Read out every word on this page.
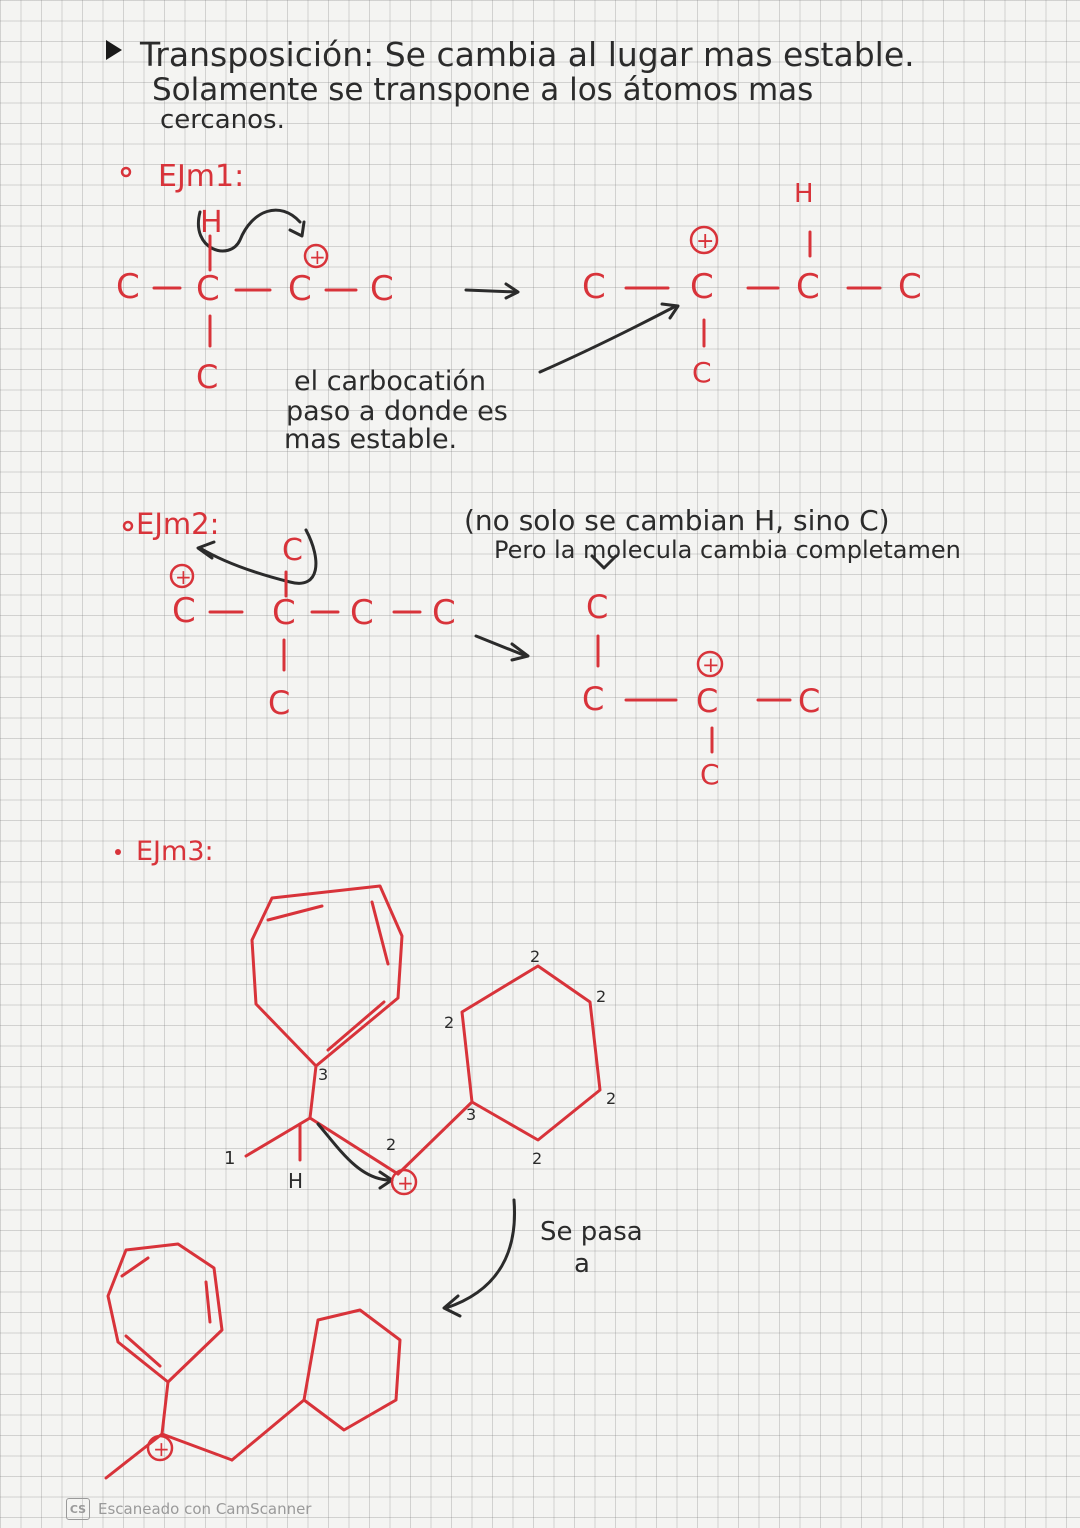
Transposición: Se cambia al lugar mas estable.
Solamente se transpone a los átomos mas
cercanos.
EJm1:
H
+
C C C C
C
H
+
C C C C
C
el carbocatión
paso a donde es
mas estable.
EJm2:	(no solo se cambian H, sino C)
Pero la molecula cambia completamen
C
+
C C C C
C
C
C
+
C C
C
EJm3:
H	+
3
1
2
3
2
2
2
2
2
Se pasa
a
+
CS Escaneado con CamScanner
